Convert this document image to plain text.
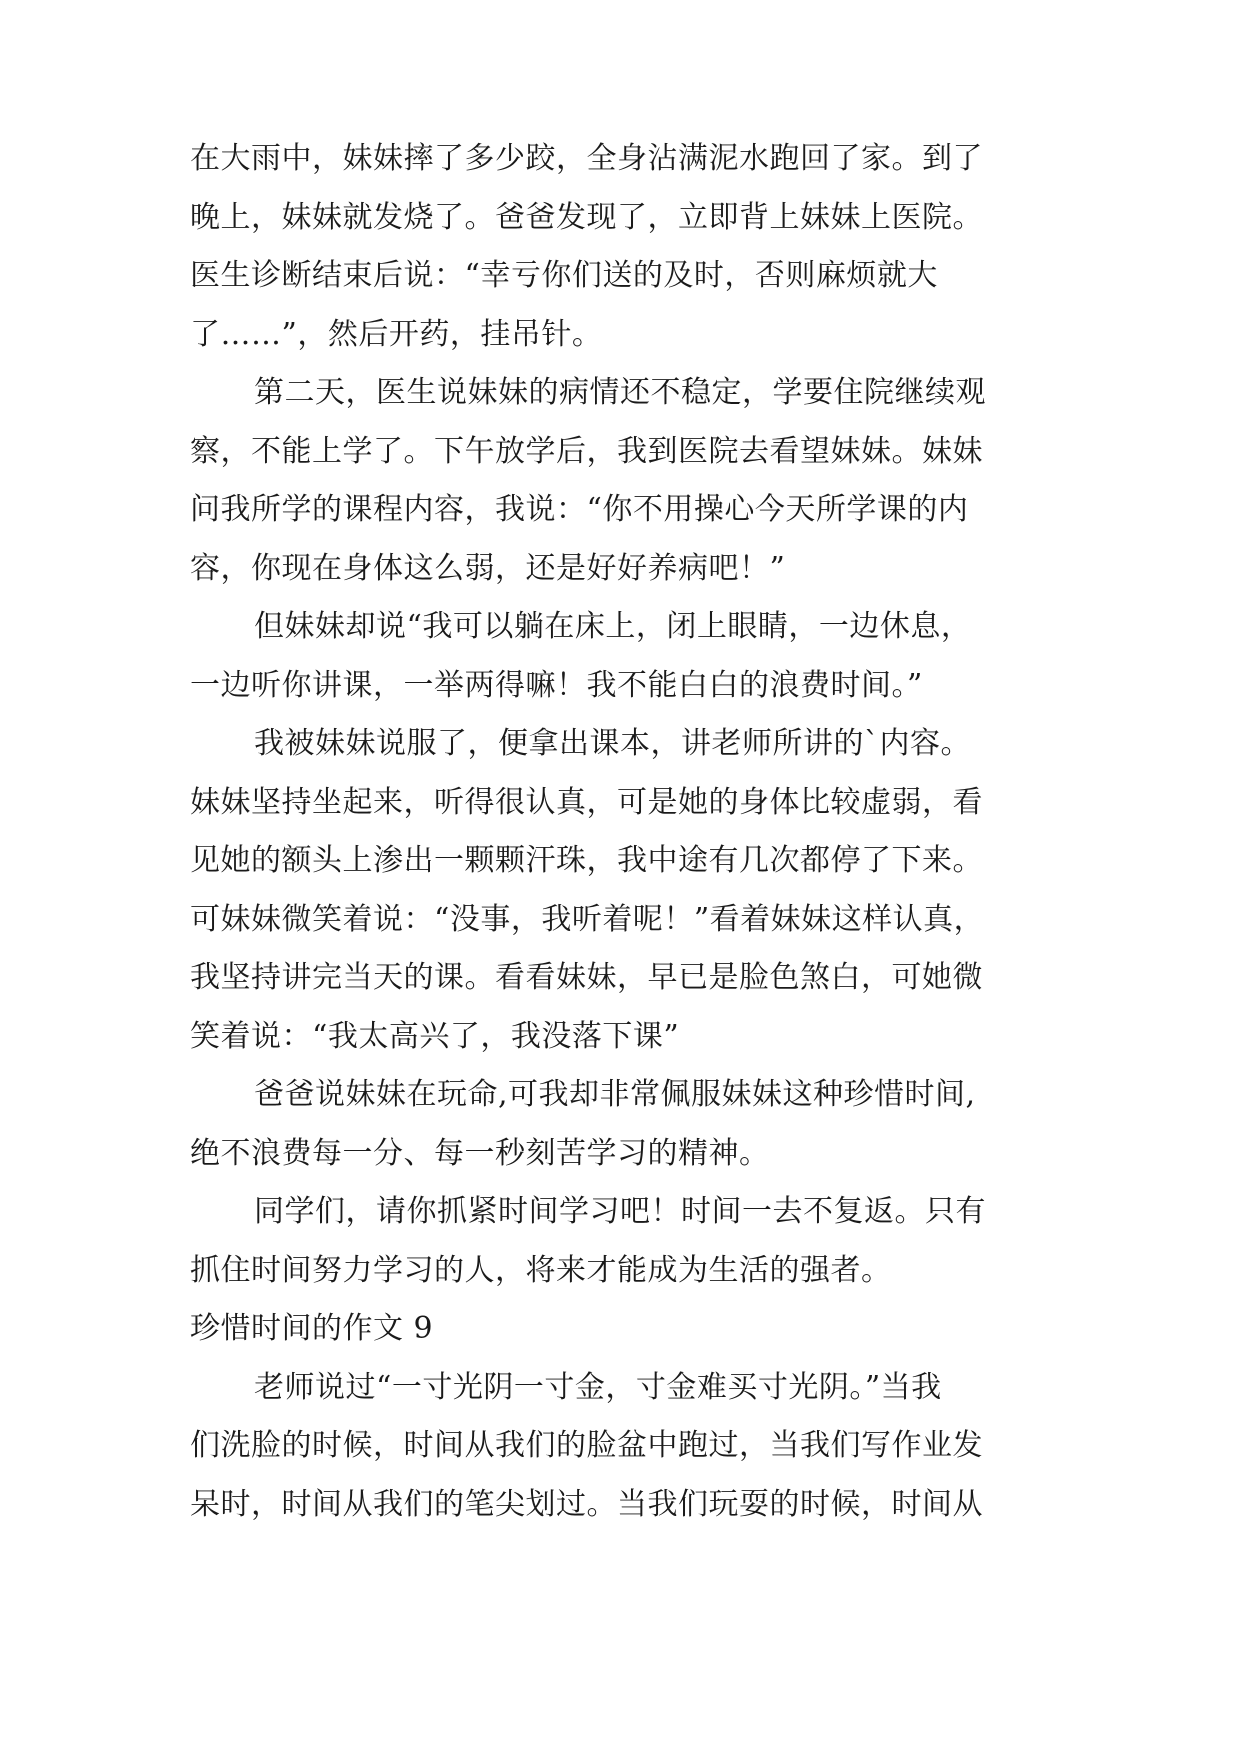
在大雨中，妹妹摔了多少跤，全身沾满泥水跑回了家。到了
晚上，妹妹就发烧了。爸爸发现了，立即背上妹妹上医院。
医生诊断结束后说：“幸亏你们送的及时，否则麻烦就大
了……”，然后开药，挂吊针。
第二天，医生说妹妹的病情还不稳定，学要住院继续观
察，不能上学了。下午放学后，我到医院去看望妹妹。妹妹
问我所学的课程内容，我说：“你不用操心今天所学课的内
容，你现在身体这么弱，还是好好养病吧！”
但妹妹却说“我可以躺在床上，闭上眼睛，一边休息，
一边听你讲课，一举两得嘛！我不能白白的浪费时间。”
我被妹妹说服了，便拿出课本，讲老师所讲的`内容。
妹妹坚持坐起来，听得很认真，可是她的身体比较虚弱，看
见她的额头上渗出一颗颗汗珠，我中途有几次都停了下来。
可妹妹微笑着说：“没事，我听着呢！”看着妹妹这样认真，
我坚持讲完当天的课。看看妹妹，早已是脸色煞白，可她微
笑着说：“我太高兴了，我没落下课”
爸爸说妹妹在玩命,可我却非常佩服妹妹这种珍惜时间,
绝不浪费每一分、每一秒刻苦学习的精神。
同学们，请你抓紧时间学习吧！时间一去不复返。只有
抓住时间努力学习的人，将来才能成为生活的强者。
珍惜时间的作文 9
老师说过“一寸光阴一寸金，寸金难买寸光阴。”当我
们洗脸的时候，时间从我们的脸盆中跑过，当我们写作业发
呆时，时间从我们的笔尖划过。当我们玩耍的时候，时间从
